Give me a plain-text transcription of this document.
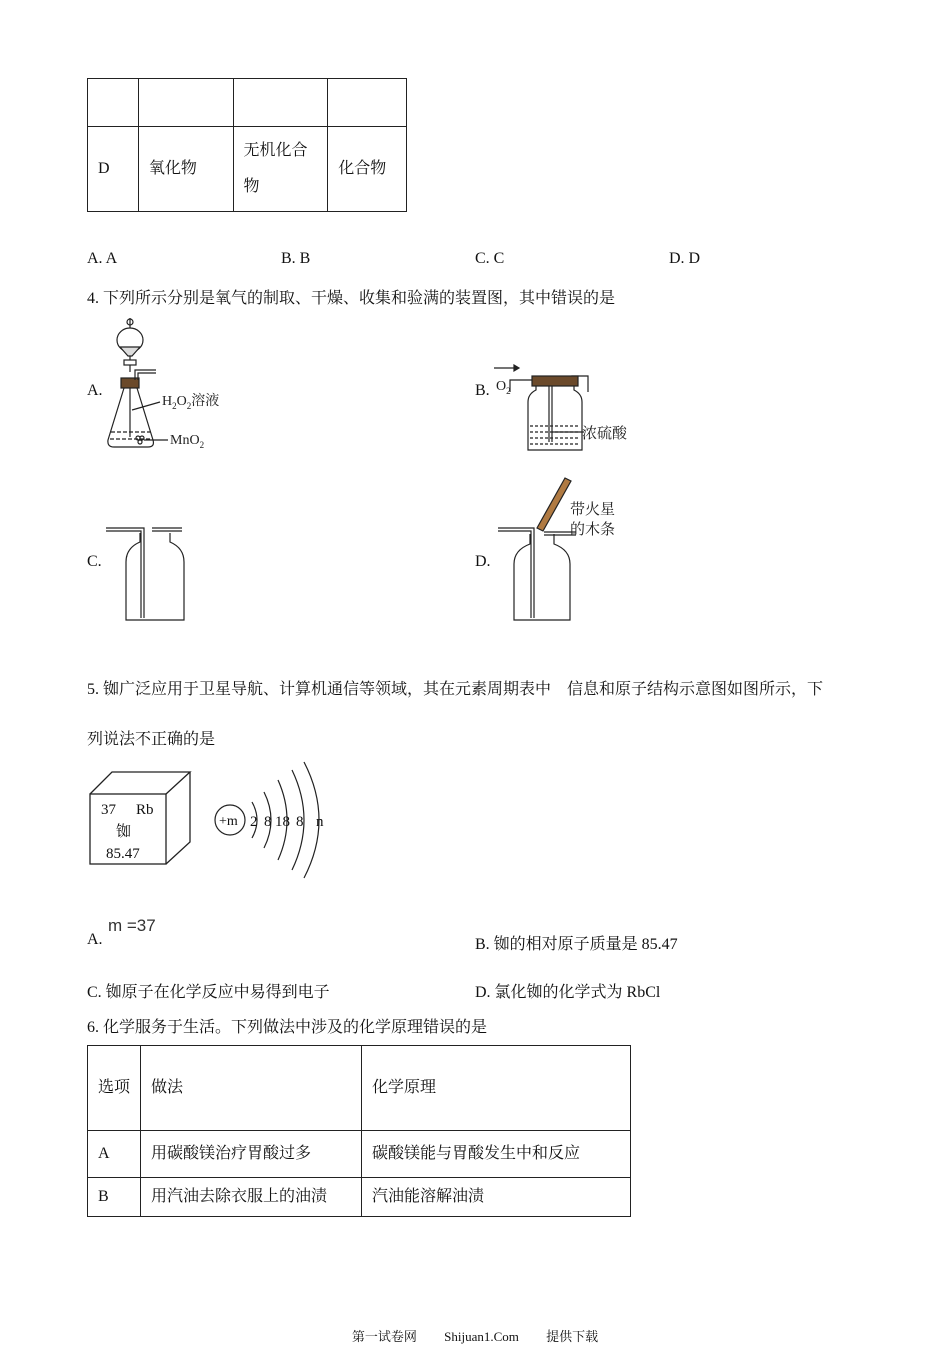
D	氧化物	无机化合物	化合物
A. A	B. B	C. C	D. D
4. 下列所示分别是氧气的制取、干燥、收集和验满的装置图，其中错误的是
A.
$H_2O_2$溶液
MnO$_2$
B. $O_2$
浓硫酸
C.	D.
带火星
的木条
5. 铷广泛应用于卫星导航、计算机通信等领域，其在元素周期表中　信息和原子结构示意图如图所示，下
列说法不正确的是
37 Rb
铷
85.47
+m 2 8 18 8 n
A.
m =37
B. 铷的相对原子质量是 85.47
C. 铷原子在化学反应中易得到电子	D. 氯化铷的化学式为 RbCl
6. 化学服务于生活。下列做法中涉及的化学原理错误的是
选项	做法	化学原理
A	用碳酸镁治疗胃酸过多	碳酸镁能与胃酸发生中和反应
B	用汽油去除衣服上的油渍	汽油能溶解油渍
第一试卷网 Shijuan1.Com 提供下载
